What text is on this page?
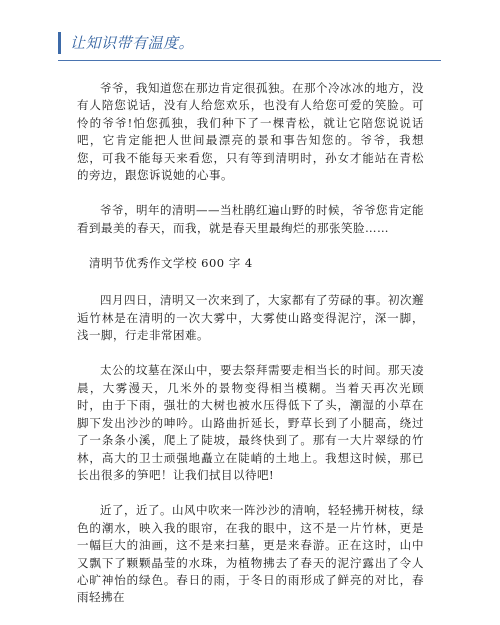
让知识带有温度。

爷爷，我知道您在那边肯定很孤独。在那个冷冰冰的地方，没有人陪您说话，没有人给您欢乐，也没有人给您可爱的笑脸。可怜的爷爷!怕您孤独，我们种下了一棵青松，就让它陪您说说话吧，它肯定能把人世间最漂亮的景和事告知您的。爷爷，我想您，可我不能每天来看您，只有等到清明时，孙女才能站在青松的旁边，跟您诉说她的心事。

爷爷，明年的清明——当杜鹃红遍山野的时候，爷爷您肯定能看到最美的春天，而我，就是春天里最绚烂的那张笑脸……

清明节优秀作文学校 600 字 4

四月四日，清明又一次来到了，大家都有了劳碌的事。初次邂逅竹林是在清明的一次大雾中，大雾使山路变得泥泞，深一脚，浅一脚，行走非常困难。

太公的坟墓在深山中，要去祭拜需要走相当长的时间。那天凌晨，大雾漫天，几米外的景物变得相当模糊。当着天再次光顾时，由于下雨，强壮的大树也被水压得低下了头，潮湿的小草在脚下发出沙沙的呻吟。山路曲折延长，野草长到了小腿高，绕过了一条条小溪，爬上了陡坡，最终快到了。那有一大片翠绿的竹林，高大的卫士顽强地矗立在陡峭的土地上。我想这时候，那已长出很多的笋吧！让我们拭目以待吧!

近了，近了。山风中吹来一阵沙沙的清响，轻轻拂开树枝，绿色的潮水，映入我的眼帘，在我的眼中，这不是一片竹林，更是一幅巨大的油画，这不是来扫墓，更是来春游。正在这时，山中又飘下了颗颗晶莹的水珠，为植物拂去了春天的泥泞露出了令人心旷神怡的绿色。春日的雨，于冬日的雨形成了鲜亮的对比，春雨轻拂在
